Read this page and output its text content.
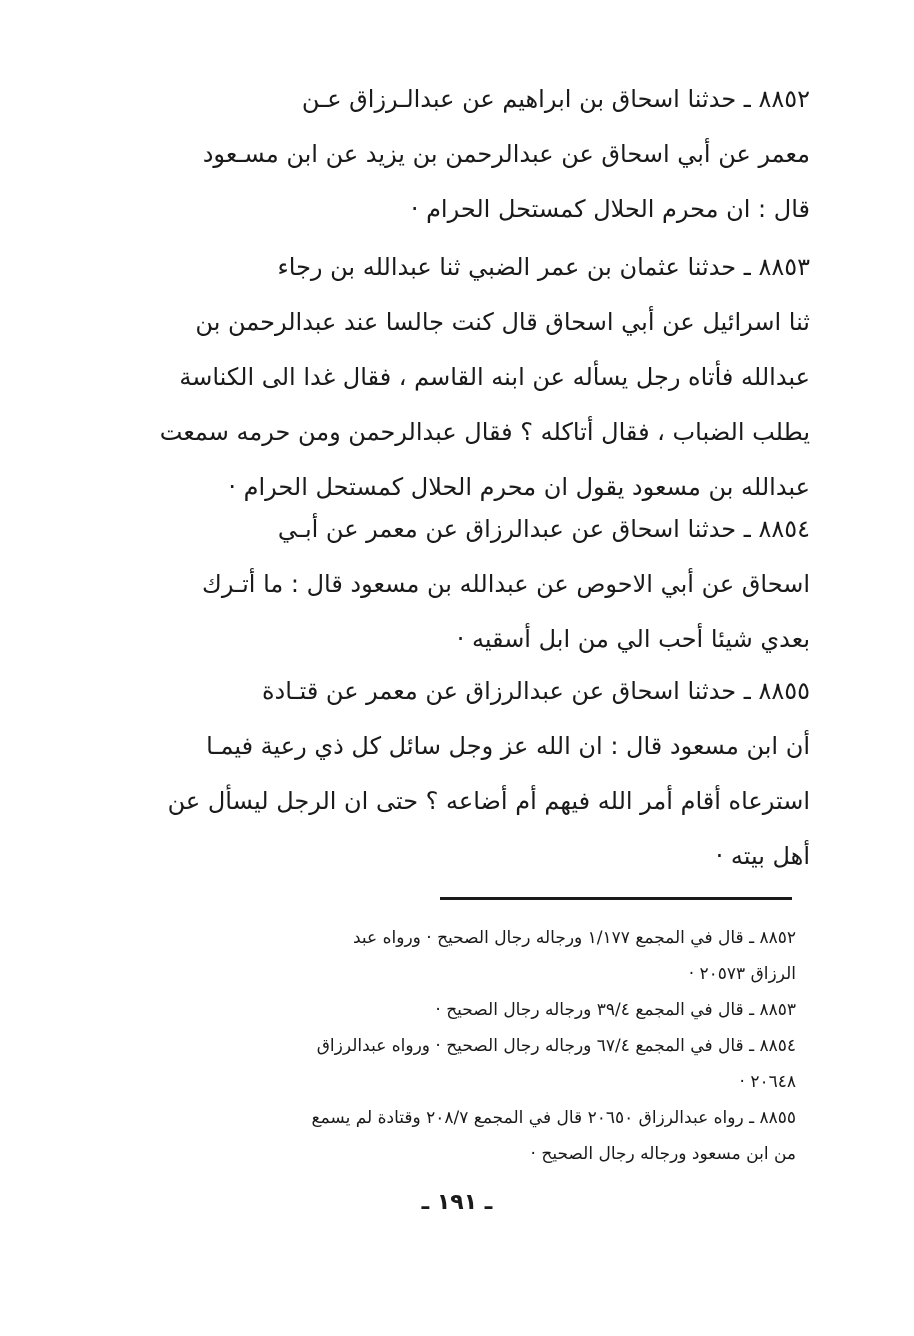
٨٨٥٢ ـ حدثنا اسحاق بن ابراهيم عن عبدالـرزاق عـن
معمر عن أبي اسحاق عن عبدالرحمن بن يزيد عن ابن مسـعود
قال : ان محرم الحلال كمستحل الحرام ·
٨٨٥٣ ـ حدثنا عثمان بن عمر الضبي ثنا عبدالله بن رجاء
ثنا اسرائيل عن أبي اسحاق قال كنت جالسا عند عبدالرحمن بن
عبدالله فأتاه رجل يسأله عن ابنه القاسم ، فقال غدا الى الكناسة
يطلب الضباب ، فقال أتاكله ؟ فقال عبدالرحمن ومن حرمه سمعت
عبدالله بن مسعود يقول ان محرم الحلال كمستحل الحرام ·
٨٨٥٤ ـ حدثنا اسحاق عن عبدالرزاق عن معمر عن أبـي
اسحاق عن أبي الاحوص عن عبدالله بن مسعود قال : ما أتـرك
بعدي شيئا أحب الي من ابل أسقيه ·
٨٨٥٥ ـ حدثنا اسحاق عن عبدالرزاق عن معمر عن قتـادة
أن ابن مسعود قال : ان الله عز وجل سائل كل ذي رعية فيمـا
استرعاه أقام أمر الله فيهم أم أضاعه ؟ حتى ان الرجل ليسأل عن
أهل بيته ·
٨٨٥٢ ـ قال في المجمع ١/١٧٧ ورجاله رجال الصحيح · ورواه عبد
الرزاق ٢٠٥٧٣ ·
٨٨٥٣ ـ قال في المجمع ٣٩/٤ ورجاله رجال الصحيح ·
٨٨٥٤ ـ قال في المجمع ٦٧/٤ ورجاله رجال الصحيح · ورواه عبدالرزاق
٢٠٦٤٨ ·
٨٨٥٥ ـ رواه عبدالرزاق ٢٠٦٥٠ قال في المجمع ٢٠٨/٧ وقتادة لم يسمع
من ابن مسعود ورجاله رجال الصحيح ·
ـ ١٩١ ـ
